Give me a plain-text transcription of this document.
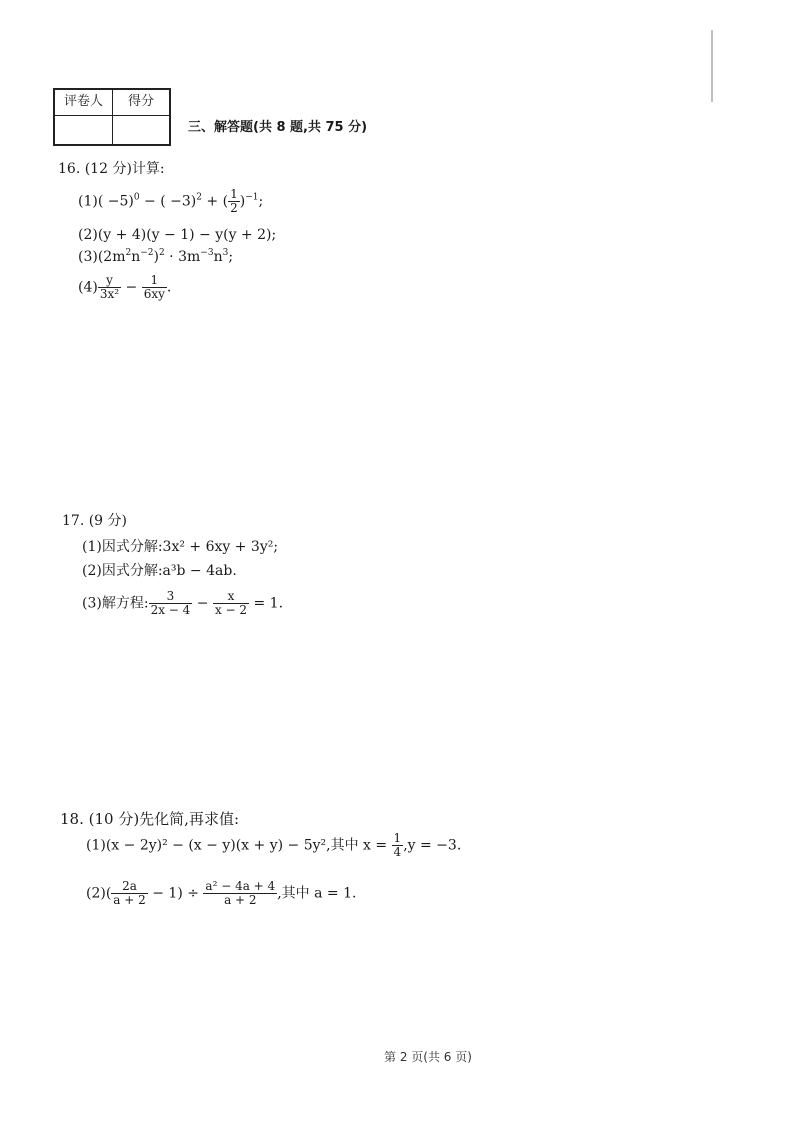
评卷人	得分
三、解答题(共 8 题,共 75 分)
16. (12 分)计算:
$(1)( -5)^0$ − ( −3)$^2$ + ( $\frac{1}{2} )^{-1}$;
(2)(y + 4)(y − 1) − y(y + 2);
$(3)(2m^2n^{-2})^2 \cdot 3m^{-3}n^3$;
$(4) \frac{y}{\text{3x²}} - \frac{1}{6xy}$ .
17. (9 分)
(1)因式分解:3x² + 6xy + 3y²;
(2)因式分解:a³b − 4ab.
(3)解方程: $\frac{3}{2x - 4} - \frac{x}{x - 2} = 1$.
18. (10 分)先化简,再求值:
(1)(x − 2y)² − (x − y)(x + y) − 5y²,其中 $x = \frac{1}{4} ,y = -3$.
$(2)( \frac{2a}{a + 2} - 1) \div \frac{\text{a² − 4a + 4}}{a + 2}$ ,其中 a = 1.
第 2 页(共 6 页)
